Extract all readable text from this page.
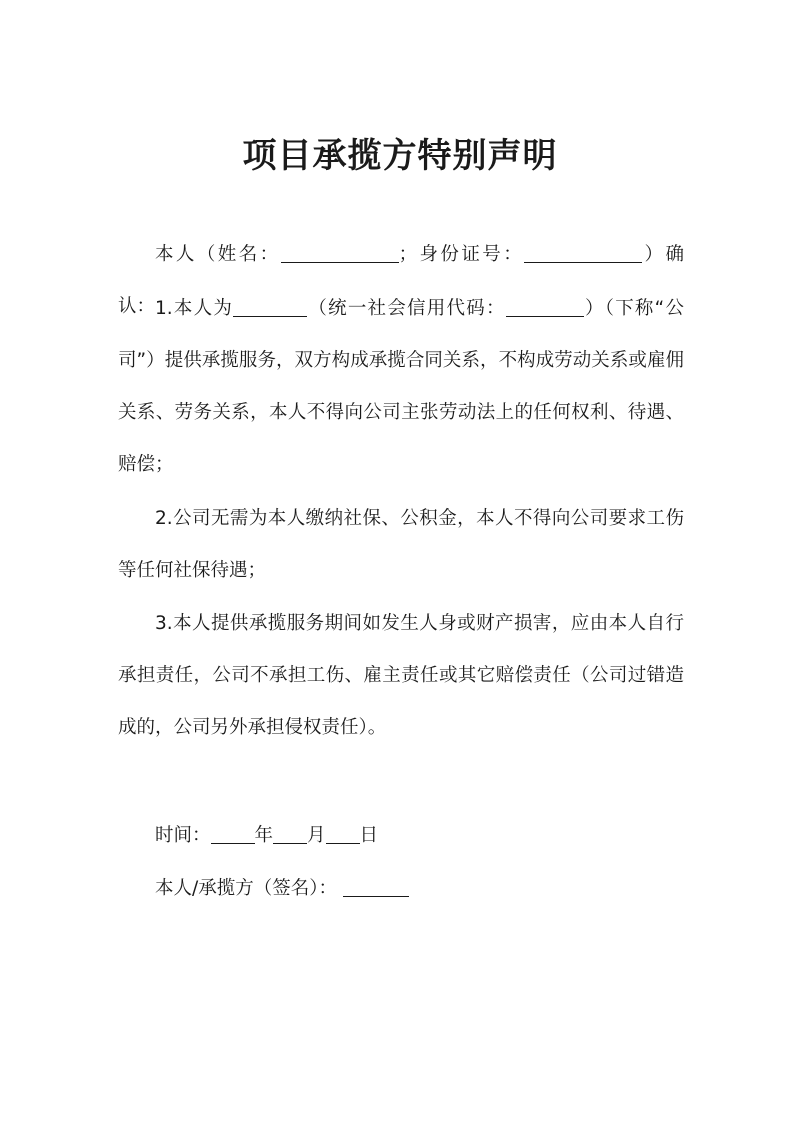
项目承揽方特别声明

本人（姓名：	；身份证号：	）确认： 1.本人为	（统一社会信用代码：	）（下称“公司”）提供承揽服务，双方构成承揽合同关系，不构成劳动关系或雇佣关系、劳务关系，本人不得向公司主张劳动法上的任何权利、待遇、赔偿；

2.公司无需为本人缴纳社保、公积金，本人不得向公司要求工伤等任何社保待遇；

3.本人提供承揽服务期间如发生人身或财产损害，应由本人自行承担责任，公司不承担工伤、雇主责任或其它赔偿责任（公司过错造成的，公司另外承担侵权责任）。

时间： 年 月 日
本人/承揽方（签名）：
